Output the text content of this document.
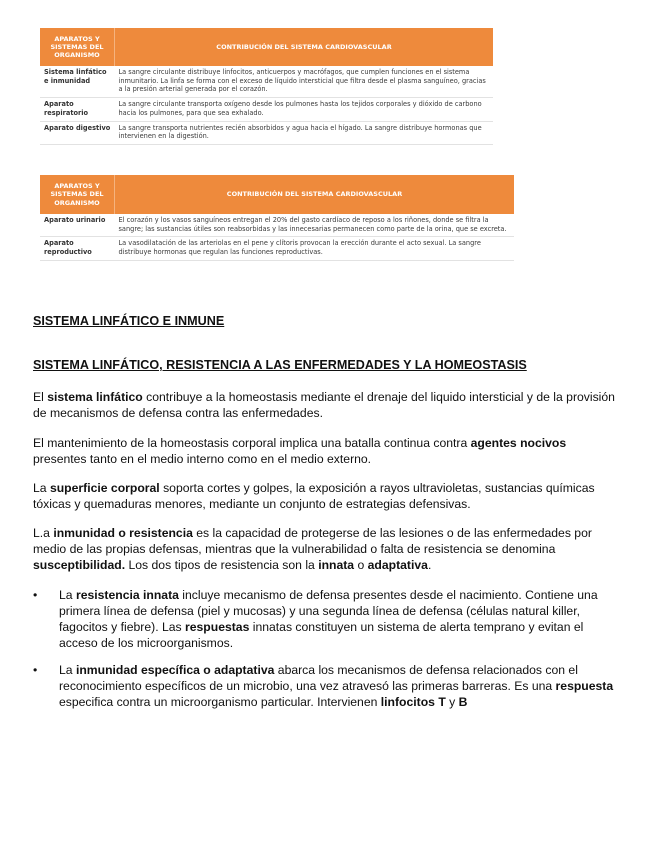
APARATOS Y SISTEMAS DEL ORGANISMO	CONTRIBUCIÓN DEL SISTEMA CARDIOVASCULAR
Sistema linfático e inmunidad	La sangre circulante distribuye linfocitos, anticuerpos y macrófagos, que cumplen funciones en el sistema inmunitario. La linfa se forma con el exceso de líquido intersticial que filtra desde el plasma sanguíneo, gracias a la presión arterial generada por el corazón.
Aparato respiratorio	La sangre circulante transporta oxígeno desde los pulmones hasta los tejidos corporales y dióxido de carbono hacia los pulmones, para que sea exhalado.
Aparato digestivo	La sangre transporta nutrientes recién absorbidos y agua hacia el hígado. La sangre distribuye hormonas que intervienen en la digestión.
APARATOS Y SISTEMAS DEL ORGANISMO	CONTRIBUCIÓN DEL SISTEMA CARDIOVASCULAR
Aparato urinario	El corazón y los vasos sanguíneos entregan el 20% del gasto cardíaco de reposo a los riñones, donde se filtra la sangre; las sustancias útiles son reabsorbidas y las innecesarias permanecen como parte de la orina, que se excreta.
Aparato reproductivo	La vasodilatación de las arteriolas en el pene y clítoris provocan la erección durante el acto sexual. La sangre distribuye hormonas que regulan las funciones reproductivas.
SISTEMA LINFÁTICO E INMUNE
SISTEMA LINFÁTICO, RESISTENCIA A LAS ENFERMEDADES Y LA HOMEOSTASIS

El sistema linfático contribuye a la homeostasis mediante el drenaje del liquido intersticial y de la provisión de mecanismos de defensa contra las enfermedades.

El mantenimiento de la homeostasis corporal implica una batalla continua contra agentes nocivos presentes tanto en el medio interno como en el medio externo.

La superficie corporal soporta cortes y golpes, la exposición a rayos ultravioletas, sustancias químicas tóxicas y quemaduras menores, mediante un conjunto de estrategias defensivas.

L.a inmunidad o resistencia es la capacidad de protegerse de las lesiones o de las enfermedades por medio de las propias defensas, mientras que la vulnerabilidad o falta de resistencia se denomina susceptibilidad. Los dos tipos de resistencia son la innata o adaptativa.

• La resistencia innata incluye mecanismo de defensa presentes desde el nacimiento. Contiene una primera línea de defensa (piel y mucosas) y una segunda línea de defensa (células natural killer, fagocitos y fiebre). Las respuestas innatas constituyen un sistema de alerta temprano y evitan el acceso de los microorganismos.

• La inmunidad específica o adaptativa abarca los mecanismos de defensa relacionados con el reconocimiento específicos de un microbio, una vez atravesó las primeras barreras. Es una respuesta especifica contra un microorganismo particular. Intervienen linfocitos T y B
